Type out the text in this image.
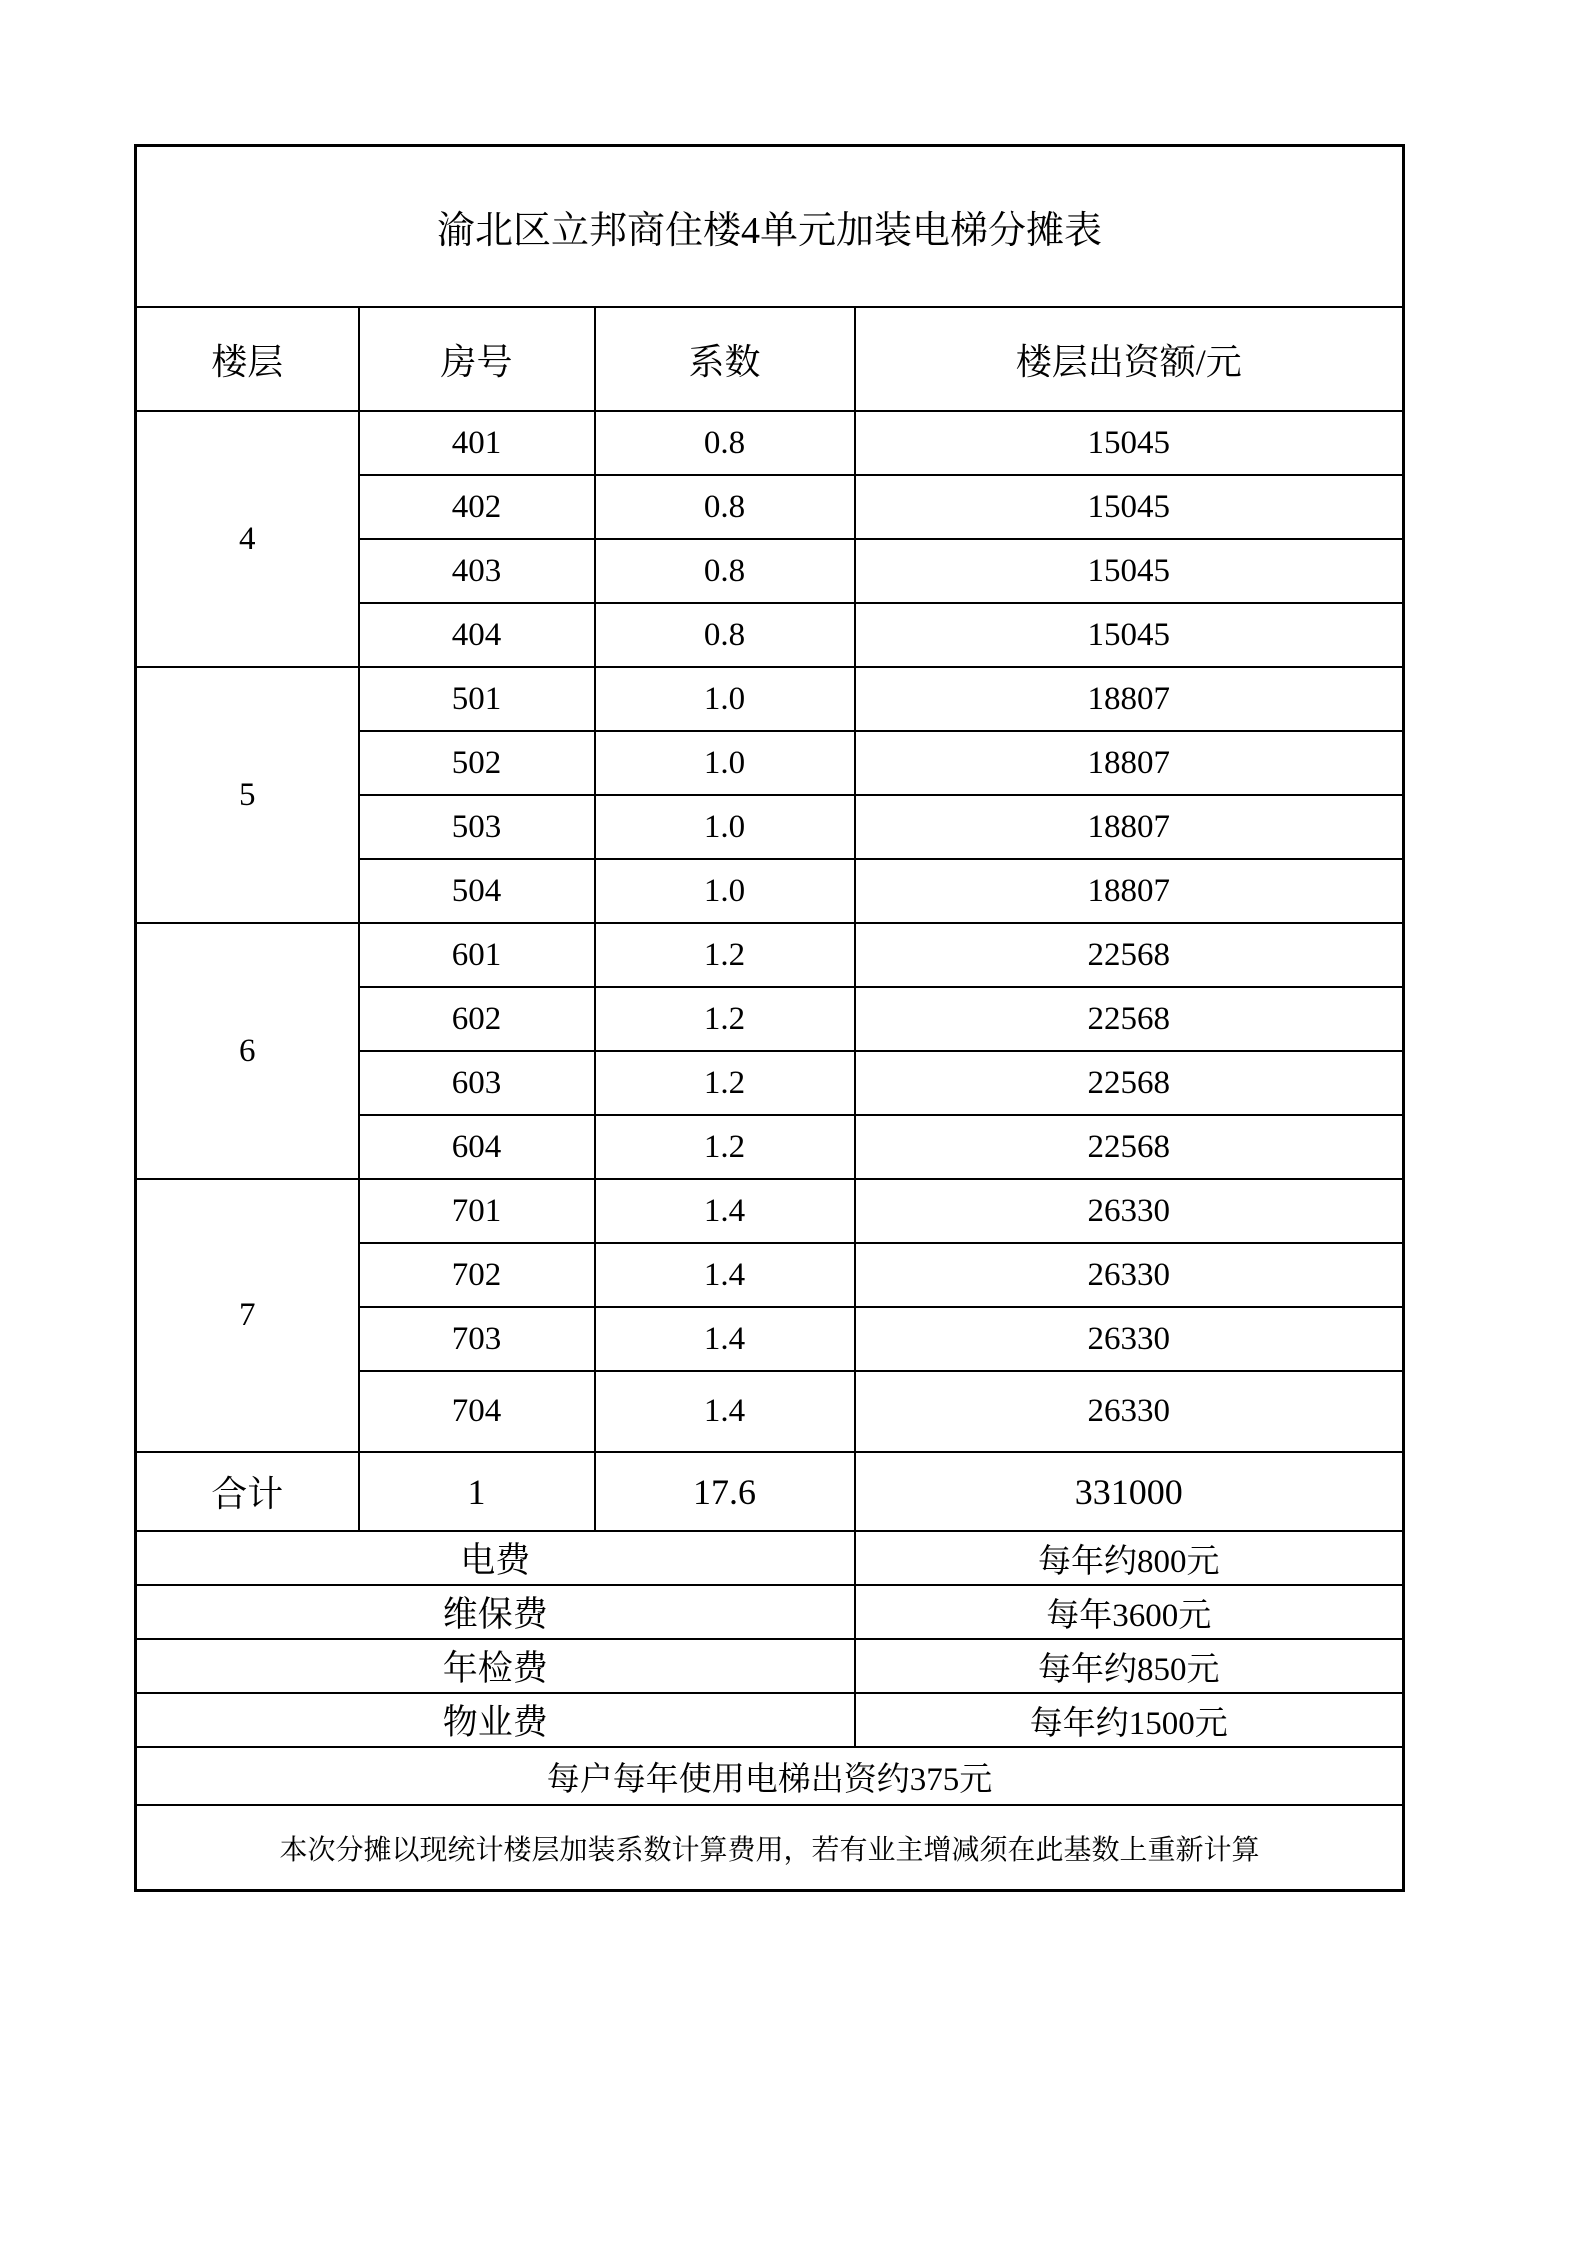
渝北区立邦商住楼4单元加装电梯分摊表			
楼层	房号	系数	楼层出资额/元
4	401	0.8	15045
	402	0.8	15045
	403	0.8	15045
	404	0.8	15045
5	501	1.0	18807
	502	1.0	18807
	503	1.0	18807
	504	1.0	18807
6	601	1.2	22568
	602	1.2	22568
	603	1.2	22568
	604	1.2	22568
7	701	1.4	26330
	702	1.4	26330
	703	1.4	26330
	704	1.4	26330
合计	1	17.6	331000
电费			每年约800元
维保费			每年3600元
年检费			每年约850元
物业费			每年约1500元
每户每年使用电梯出资约375元			
本次分摊以现统计楼层加装系数计算费用，若有业主增减须在此基数上重新计算			
